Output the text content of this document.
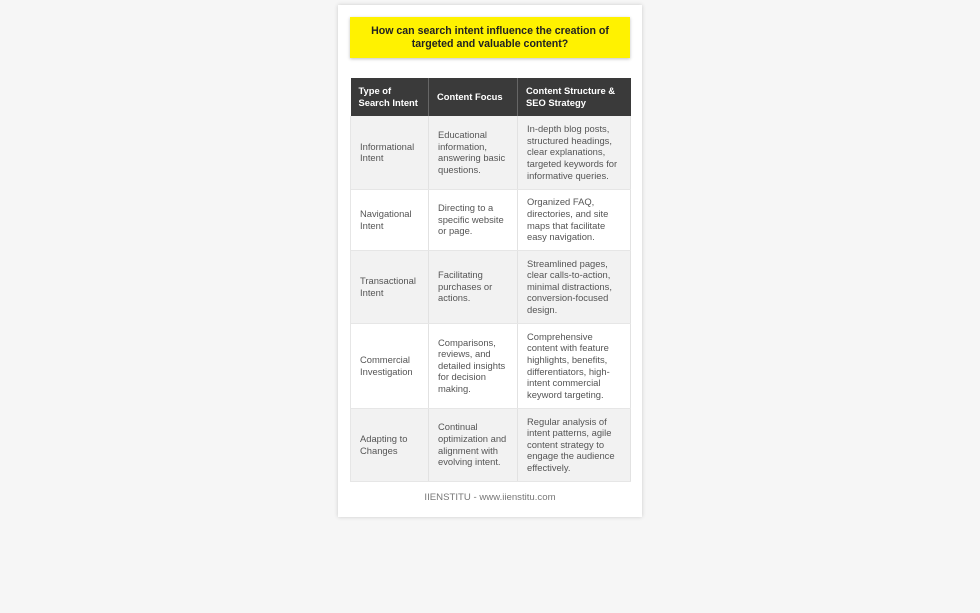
How can search intent influence the creation of targeted and valuable content?
Type of Search Intent	Content Focus	Content Structure & SEO Strategy
Informational Intent	Educational information, answering basic questions.	In-depth blog posts, structured headings, clear explanations, targeted keywords for informative queries.
Navigational Intent	Directing to a specific website or page.	Organized FAQ, directories, and site maps that facilitate easy navigation.
Transactional Intent	Facilitating purchases or actions.	Streamlined pages, clear calls-to-action, minimal distractions, conversion-focused design.
Commercial Investigation	Comparisons, reviews, and detailed insights for decision making.	Comprehensive content with feature highlights, benefits, differentiators, high-intent commercial keyword targeting.
Adapting to Changes	Continual optimization and alignment with evolving intent.	Regular analysis of intent patterns, agile content strategy to engage the audience effectively.
IIENSTITU - www.iienstitu.com
